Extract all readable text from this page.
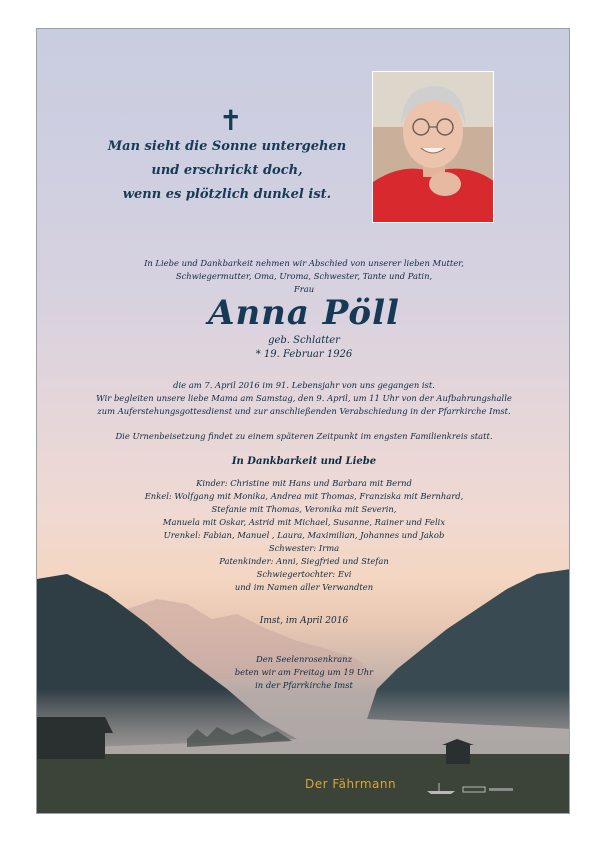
✝
Man sieht die Sonne untergehen
und erschrickt doch,
wenn es plötzlich dunkel ist.
In Liebe und Dankbarkeit nehmen wir Abschied von unserer lieben Mutter,
Schwiegermutter, Oma, Uroma, Schwester, Tante und Patin,
Frau
Anna Pöll
geb. Schlatter
* 19. Februar 1926
die am 7. April 2016 im 91. Lebensjahr von uns gegangen ist.
Wir begleiten unsere liebe Mama am Samstag, den 9. April, um 11 Uhr von der Aufbahrungshalle
zum Auferstehungsgottesdienst und zur anschließenden Verabschiedung in der Pfarrkirche Imst.
Die Urnenbeisetzung findet zu einem späteren Zeitpunkt im engsten Familienkreis statt.
In Dankbarkeit und Liebe
Kinder: Christine mit Hans und Barbara mit Bernd
Enkel: Wolfgang mit Monika, Andrea mit Thomas, Franziska mit Bernhard,
Stefanie mit Thomas, Veronika mit Severin,
Manuela mit Oskar, Astrid mit Michael, Susanne, Rainer und Felix
Urenkel: Fabian, Manuel , Laura, Maximilian, Johannes und Jakob
Schwester: Irma
Patenkinder: Anni, Siegfried und Stefan
Schwiegertochter: Evi
und im Namen aller Verwandten
Imst, im April 2016
Den Seelenrosenkranz
beten wir am Freitag um 19 Uhr
in der Pfarrkirche Imst
Der Fährmann
